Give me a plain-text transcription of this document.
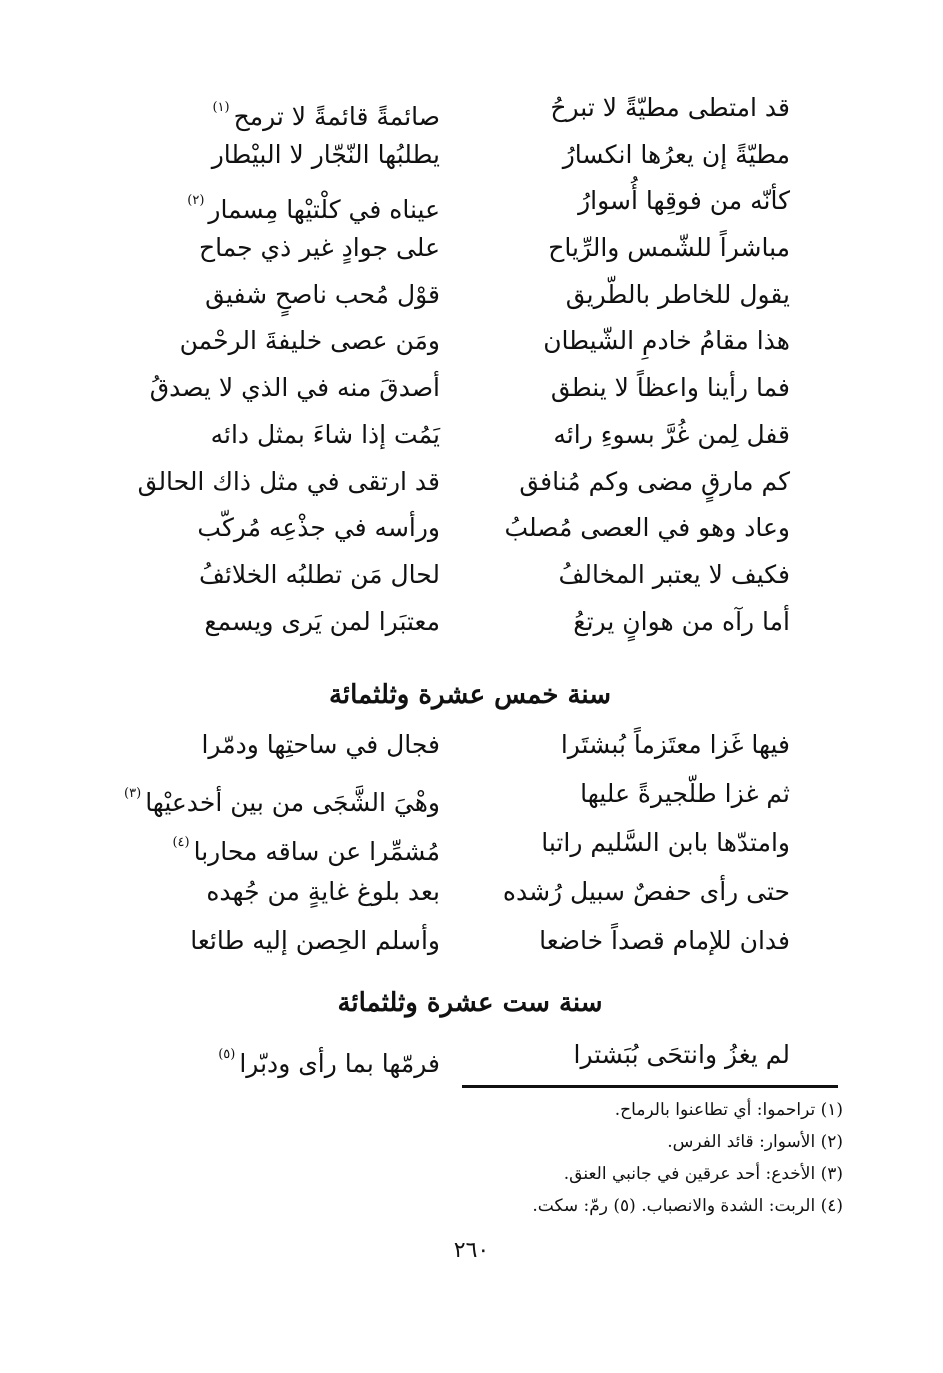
قد امتطى مطيّةً لا تبرحُ
صائمةً قائمةً لا ترمح$^{(١)}$
مطيّةً إن يعرُها انكسارُ
يطلبُها النّجّار لا البيْطار
كأنّه من فوقِها أُسوارُ
عيناه في كلْتيْها مِسمار$^{(٢)}$
مباشراً للشّمس والرِّياح
على جوادٍ غير ذي جماح
يقول للخاطر بالطّريق
قوْل مُحب ناصحٍ شفيق
هذا مقامُ خادمِ الشّيطان
ومَن عصى خليفةَ الرحْمن
فما رأينا واعظاً لا ينطق
أصدقَ منه في الذي لا يصدقُ
قفل لِمن غُرَّ بسوءِ رائه
يَمُت إذا شاءَ بمثل دائه
كم مارقٍ مضى وكم مُنافق
قد ارتقى في مثل ذاك الحالق
وعاد وهو في العصى مُصلبُ
ورأسه في جذْعِه مُركّب
فكيف لا يعتبر المخالفُ
لحال مَن تطلبُه الخلائفُ
أما رآه من هوانٍ يرتعُ
معتبَرا لمن يَرى ويسمع
سنة خمس عشرة وثلثمائة
فيها غَزا معتَزماً بُبشتَرا
فجال في ساحتِها ودمّرا
ثم غزا طلّجيرةً عليها
وهْيَ الشَّجَى من بين أخدعيْها$^{(٣)}$
وامتدّها بابن السَّليم راتبا
مُشمِّرا عن ساقه محاربا$^{(٤)}$
حتى رأى حفصٌ سبيل رُشده
بعد بلوغ غايةٍ من جُهده
فدان للإمام قصداً خاضعا
وأسلم الحِصن إليه طائعا
سنة ست عشرة وثلثمائة
لم يغزُ وانتحَى بُبَشترا
فرمّها بما رأى ودبّرا$^{(٥)}$
(١) تراحموا: أي تطاعنوا بالرماح.
(٢) الأسوار: قائد الفرس.
(٣) الأخدع: أحد عرقين في جانبي العنق.
(٤) الربت: الشدة والانصباب. (٥) رمّ: سكت.
٢٦٠
